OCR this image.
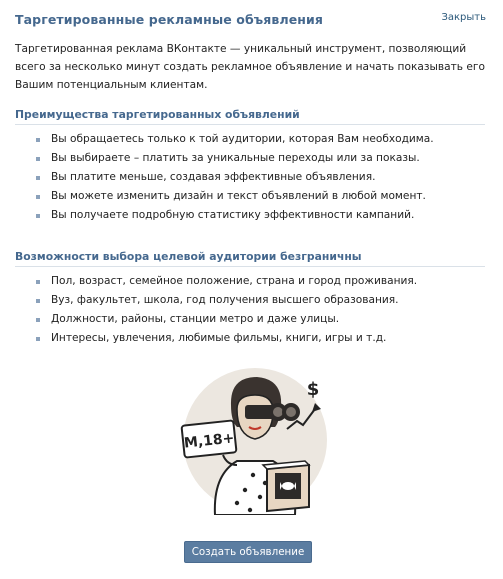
Таргетированные рекламные объявления	Закрыть
Таргетированная реклама ВКонтакте — уникальный инструмент, позволяющий всего за несколько минут создать рекламное объявление и начать показывать его Вашим потенциальным клиентам.
Преимущества таргетированных объявлений
Вы обращаетесь только к той аудитории, которая Вам необходима.
Вы выбираете – платить за уникальные переходы или за показы.
Вы платите меньше, создавая эффективные объявления.
Вы можете изменить дизайн и текст объявлений в любой момент.
Вы получаете подробную статистику эффективности кампаний.
Возможности выбора целевой аудитории безграничны
Пол, возраст, семейное положение, страна и город проживания.
Вуз, факультет, школа, год получения высшего образования.
Должности, районы, станции метро и даже улицы.
Интересы, увлечения, любимые фильмы, книги, игры и т.д.
M,18+
$
Создать объявление
